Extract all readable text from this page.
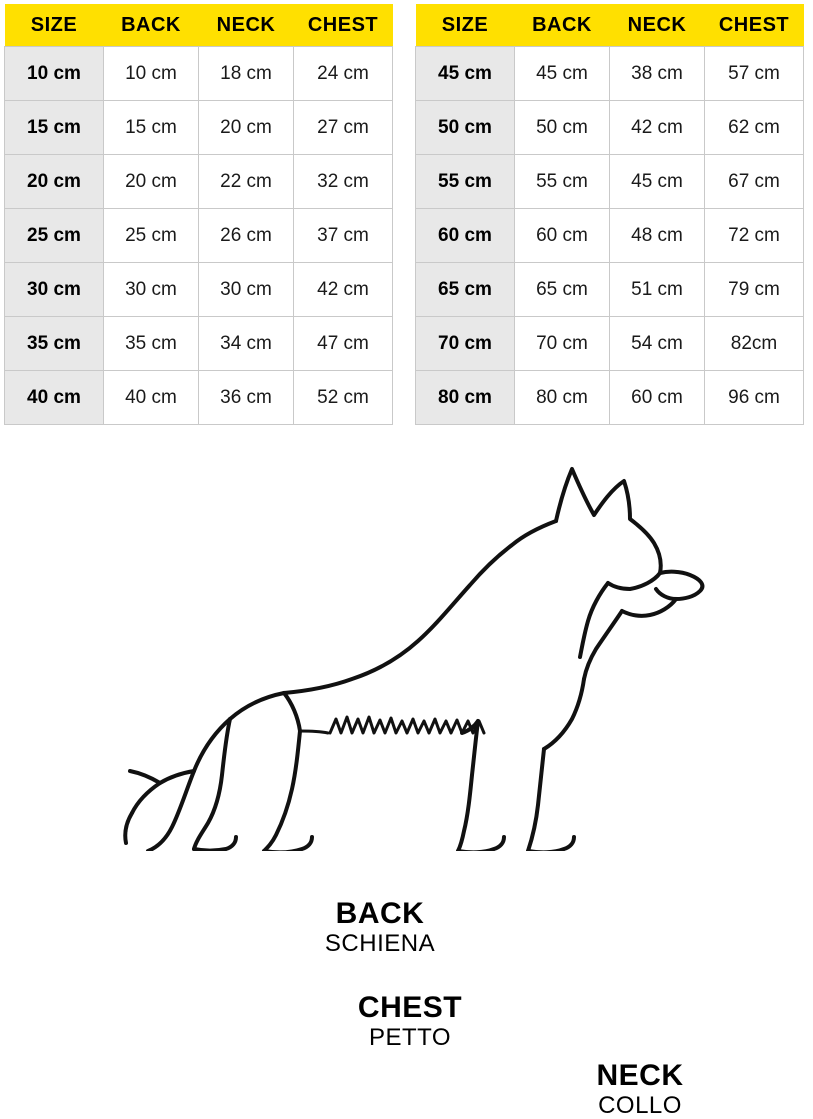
SIZE	BACK	NECK	CHEST
10 cm	10 cm	18 cm	24 cm
15 cm	15 cm	20 cm	27 cm
20 cm	20 cm	22 cm	32 cm
25 cm	25 cm	26 cm	37 cm
30 cm	30 cm	30 cm	42 cm
35 cm	35 cm	34 cm	47 cm
40 cm	40 cm	36 cm	52 cm
SIZE	BACK	NECK	CHEST
45 cm	45 cm	38 cm	57 cm
50 cm	50 cm	42 cm	62 cm
55 cm	55 cm	45 cm	67 cm
60 cm	60 cm	48 cm	72 cm
65 cm	65 cm	51 cm	79 cm
70 cm	70 cm	54 cm	82cm
80 cm	80 cm	60 cm	96 cm
BACK
SCHIENA
CHEST
PETTO
NECK
COLLO
